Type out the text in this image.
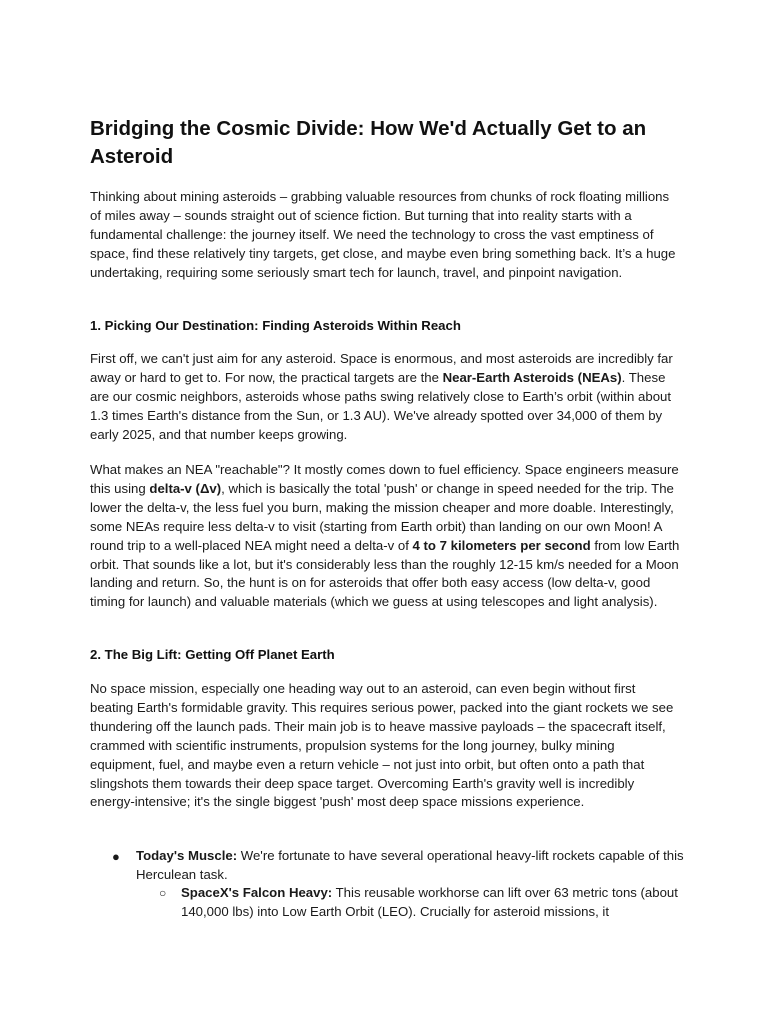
Bridging the Cosmic Divide: How We'd Actually Get to an Asteroid

Thinking about mining asteroids – grabbing valuable resources from chunks of rock floating millions of miles away – sounds straight out of science fiction. But turning that into reality starts with a fundamental challenge: the journey itself. We need the technology to cross the vast emptiness of space, find these relatively tiny targets, get close, and maybe even bring something back. It’s a huge undertaking, requiring some seriously smart tech for launch, travel, and pinpoint navigation.

1. Picking Our Destination: Finding Asteroids Within Reach

First off, we can't just aim for any asteroid. Space is enormous, and most asteroids are incredibly far away or hard to get to. For now, the practical targets are the Near-Earth Asteroids (NEAs). These are our cosmic neighbors, asteroids whose paths swing relatively close to Earth’s orbit (within about 1.3 times Earth's distance from the Sun, or 1.3 AU). We've already spotted over 34,000 of them by early 2025, and that number keeps growing.

What makes an NEA "reachable"? It mostly comes down to fuel efficiency. Space engineers measure this using delta-v (Δv), which is basically the total 'push' or change in speed needed for the trip. The lower the delta-v, the less fuel you burn, making the mission cheaper and more doable. Interestingly, some NEAs require less delta-v to visit (starting from Earth orbit) than landing on our own Moon! A round trip to a well-placed NEA might need a delta-v of 4 to 7 kilometers per second from low Earth orbit. That sounds like a lot, but it's considerably less than the roughly 12-15 km/s needed for a Moon landing and return. So, the hunt is on for asteroids that offer both easy access (low delta-v, good timing for launch) and valuable materials (which we guess at using telescopes and light analysis).

2. The Big Lift: Getting Off Planet Earth

No space mission, especially one heading way out to an asteroid, can even begin without first beating Earth's formidable gravity. This requires serious power, packed into the giant rockets we see thundering off the launch pads. Their main job is to heave massive payloads – the spacecraft itself, crammed with scientific instruments, propulsion systems for the long journey, bulky mining equipment, fuel, and maybe even a return vehicle – not just into orbit, but often onto a path that slingshots them towards their deep space target. Overcoming Earth's gravity well is incredibly energy-intensive; it's the single biggest 'push' most deep space missions experience.

● Today's Muscle: We're fortunate to have several operational heavy-lift rockets capable of this Herculean task.

○ SpaceX's Falcon Heavy: This reusable workhorse can lift over 63 metric tons (about 140,000 lbs) into Low Earth Orbit (LEO). Crucially for asteroid missions, it
